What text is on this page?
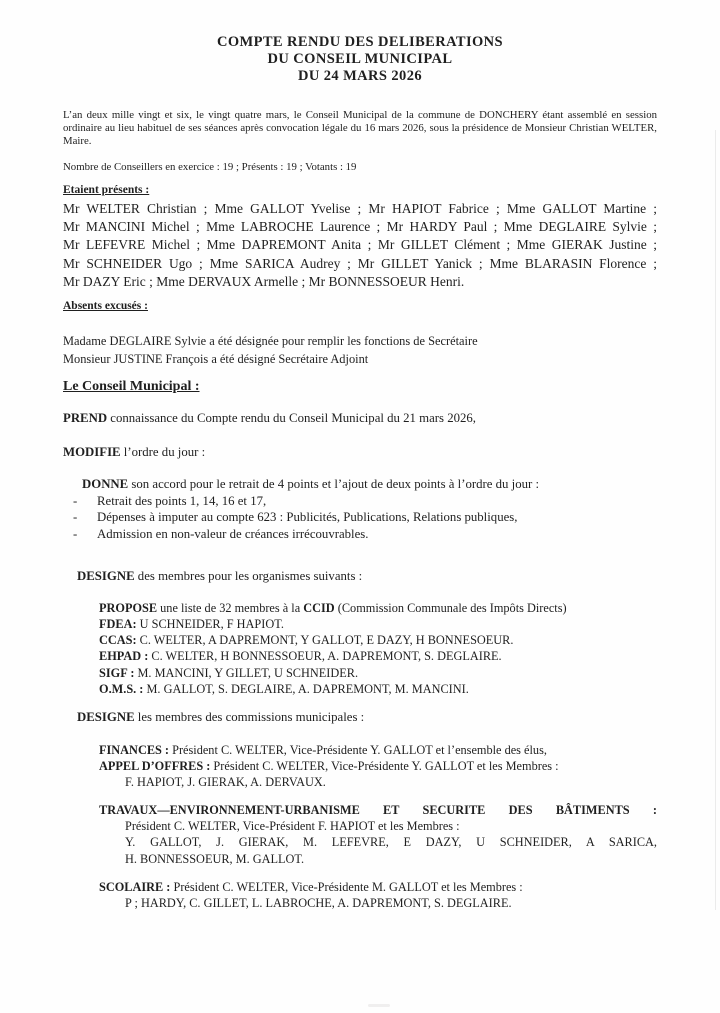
COMPTE RENDU DES DELIBERATIONS

DU CONSEIL MUNICIPAL

DU 24 MARS 2026

L’an deux mille vingt et six, le vingt quatre mars, le Conseil Municipal de la commune de DONCHERY étant assemblé en session ordinaire au lieu habituel de ses séances après convocation légale du 16 mars 2026, sous la présidence de Monsieur Christian WELTER, Maire.

Nombre de Conseillers en exercice : 19 ; Présents : 19 ; Votants : 19

Etaient présents :

Mr WELTER Christian ; Mme GALLOT Yvelise ; Mr HAPIOT Fabrice ; Mme GALLOT Martine ;

Mr MANCINI Michel ; Mme LABROCHE Laurence ; Mr HARDY Paul ; Mme DEGLAIRE Sylvie ;

Mr LEFEVRE Michel ; Mme DAPREMONT Anita ; Mr GILLET Clément ; Mme GIERAK Justine ;

Mr SCHNEIDER Ugo ; Mme SARICA Audrey ; Mr GILLET Yanick ; Mme BLARASIN Florence ;

Mr DAZY Eric ; Mme DERVAUX Armelle ; Mr BONNESSOEUR Henri.

Absents excusés :

Madame DEGLAIRE Sylvie a été désignée pour remplir les fonctions de Secrétaire

Monsieur JUSTINE François a été désigné Secrétaire Adjoint

Le Conseil Municipal :

PREND connaissance du Compte rendu du Conseil Municipal du 21 mars 2026,

MODIFIE l’ordre du jour :

DONNE son accord pour le retrait de 4 points et l’ajout de deux points à l’ordre du jour :

-	Retrait des points 1, 14, 16 et 17,
-	Dépenses à imputer au compte 623 : Publicités, Publications, Relations publiques,
-	Admission en non-valeur de créances irrécouvrables.

DESIGNE des membres pour les organismes suivants :

PROPOSE une liste de 32 membres à la CCID (Commission Communale des Impôts Directs)

FDEA: U SCHNEIDER, F HAPIOT.

CCAS: C. WELTER, A DAPREMONT, Y GALLOT, E DAZY, H BONNESOEUR.

EHPAD : C. WELTER, H BONNESSOEUR, A. DAPREMONT, S. DEGLAIRE.

SIGF : M. MANCINI, Y GILLET, U SCHNEIDER.

O.M.S. : M. GALLOT, S. DEGLAIRE, A. DAPREMONT, M. MANCINI.

DESIGNE les membres des commissions municipales :

FINANCES : Président C. WELTER, Vice-Présidente Y. GALLOT et l’ensemble des élus,

APPEL D’OFFRES : Président C. WELTER, Vice-Présidente Y. GALLOT et les Membres :

F. HAPIOT, J. GIERAK, A. DERVAUX.

TRAVAUX—ENVIRONNEMENT-URBANISME ET SECURITE DES BÂTIMENTS :

Président C. WELTER, Vice-Président F. HAPIOT et les Membres :

Y. GALLOT, J. GIERAK, M. LEFEVRE, E DAZY, U SCHNEIDER, A SARICA,

H. BONNESSOEUR, M. GALLOT.

SCOLAIRE : Président C. WELTER, Vice-Présidente M. GALLOT et les Membres :

P ; HARDY, C. GILLET, L. LABROCHE, A. DAPREMONT, S. DEGLAIRE.
